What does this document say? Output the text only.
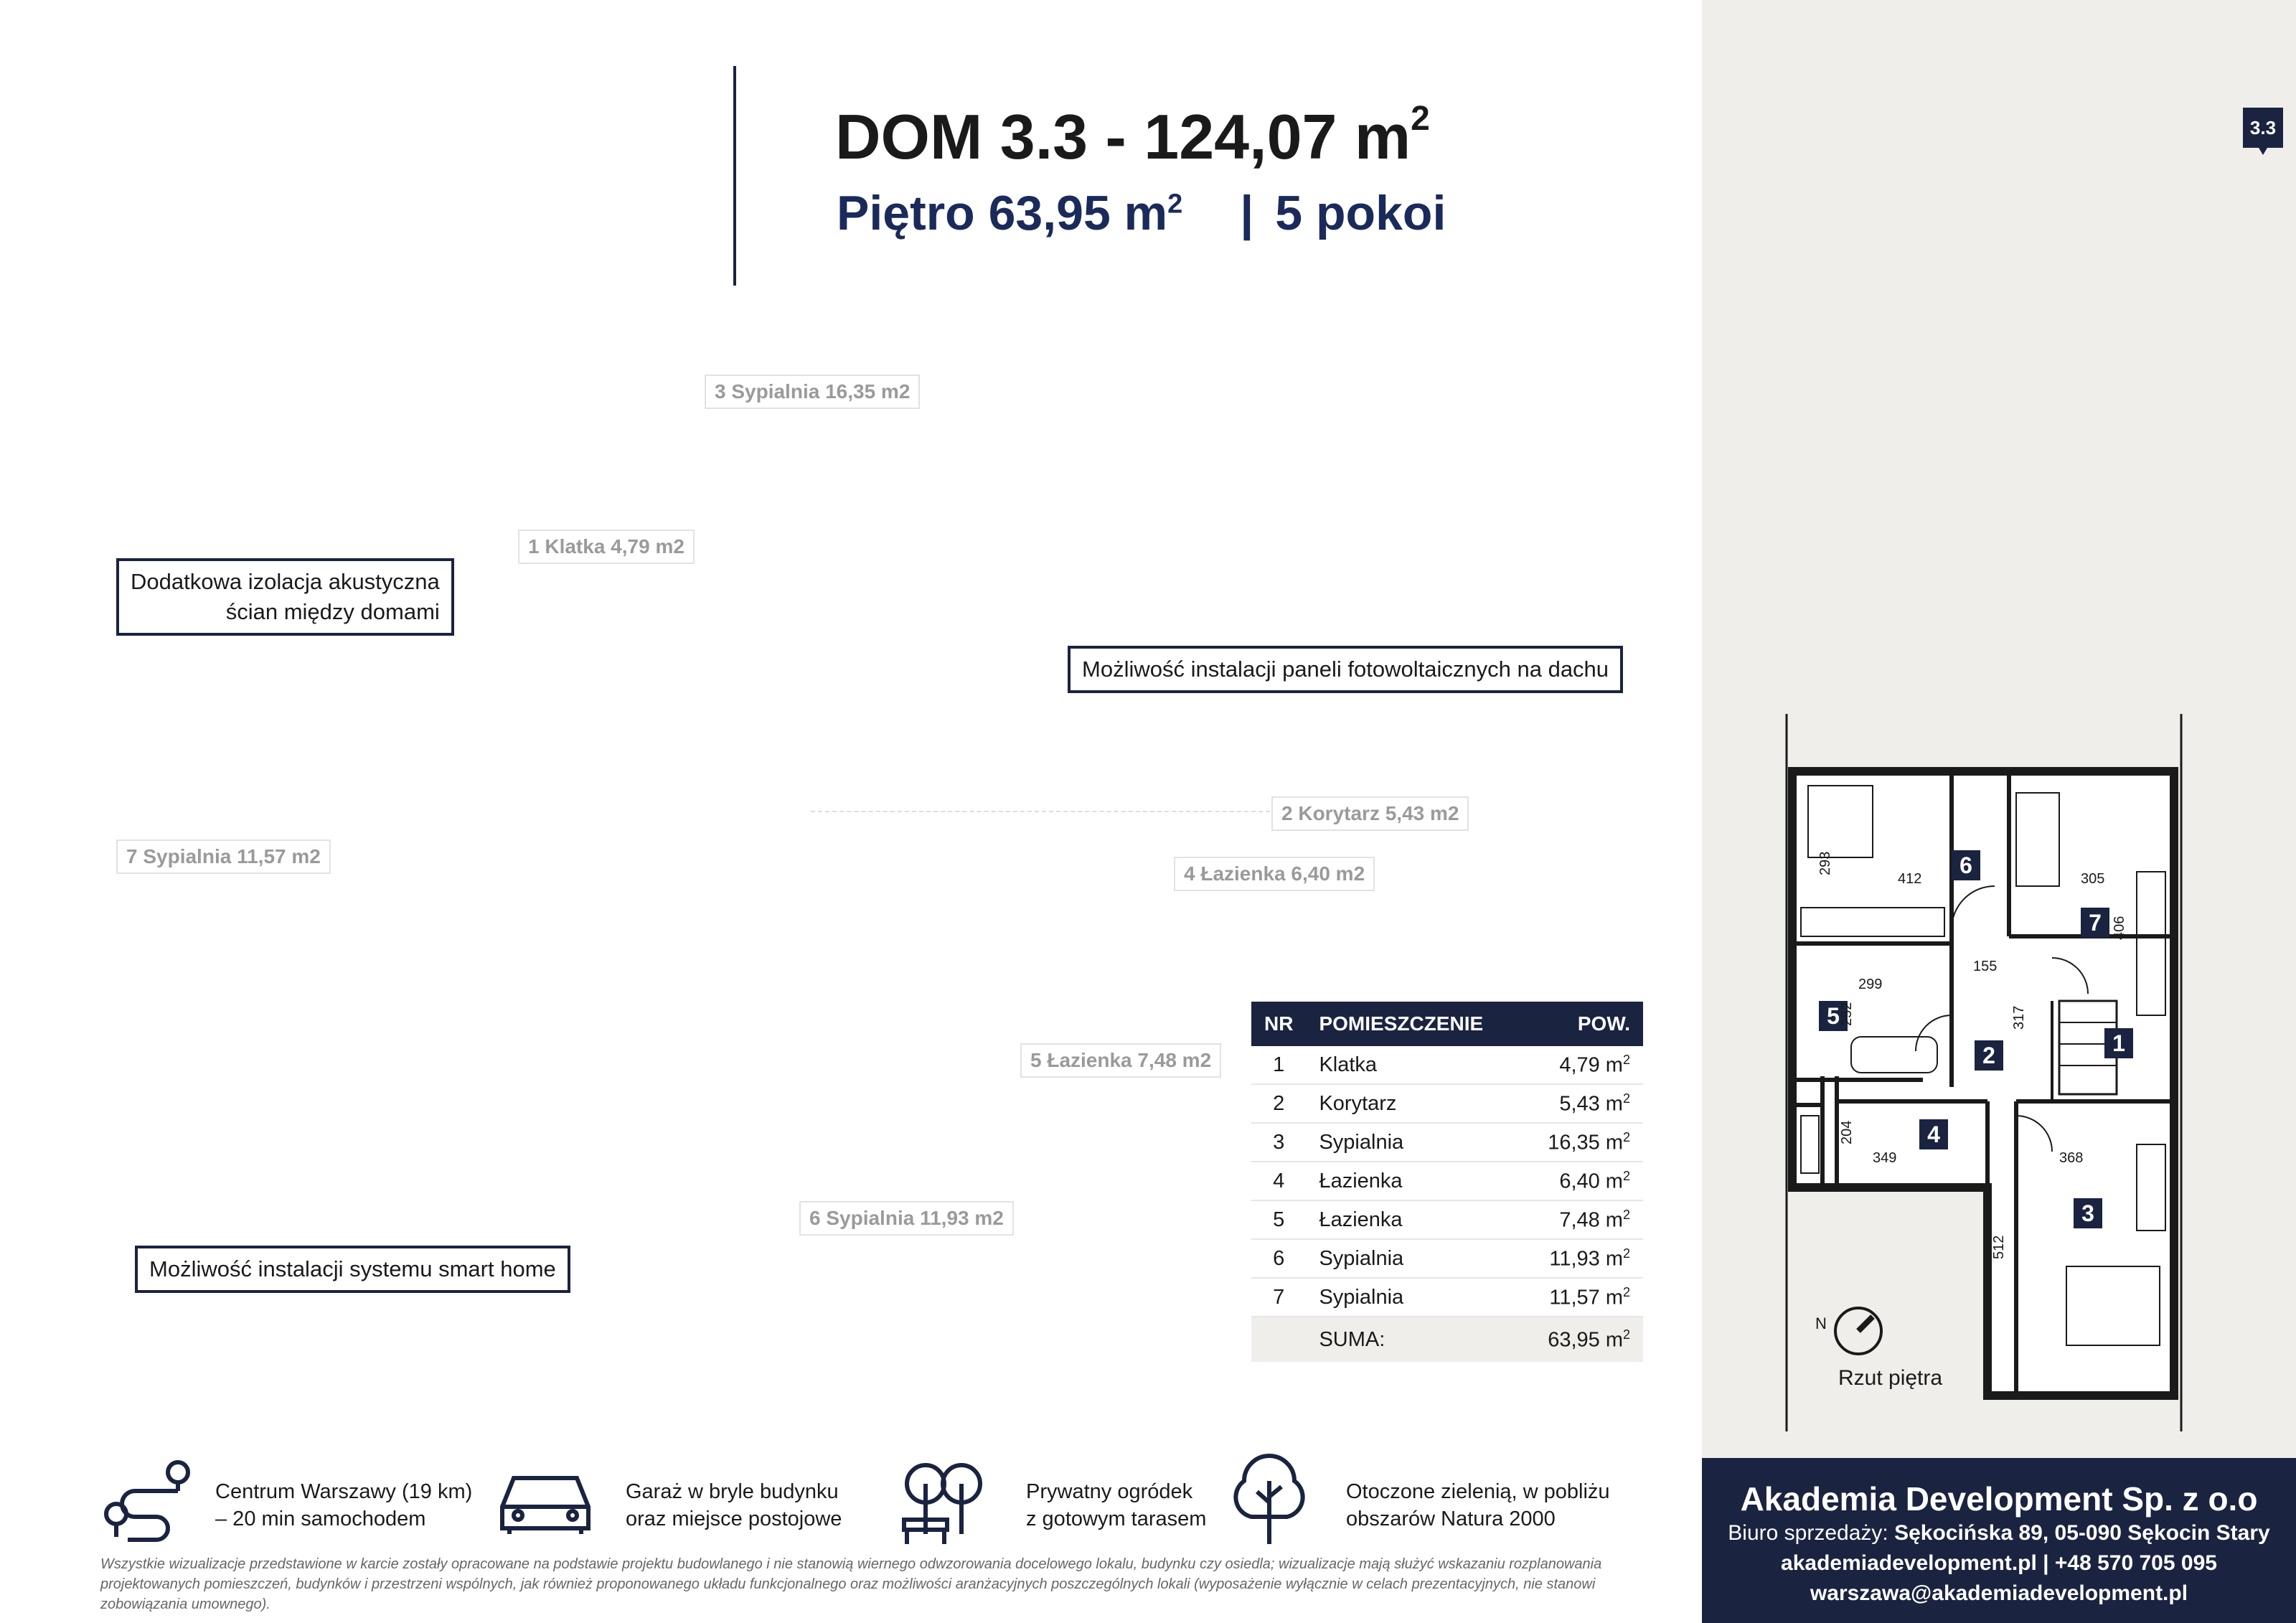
DOM 3.3 - 124,07 $m^2$
Piętro 63,95 $m^2$ | 5 pokoi
3.3
3 Sypialnia 16,35 m2
1 Klatka 4,79 m2
2 Korytarz 5,43 m2
4 Łazienka 6,40 m2
7 Sypialnia 11,57 m2
5 Łazienka 7,48 m2
6 Sypialnia 11,93 m2
Dodatkowa izolacja akustyczna
ścian między domami
Możliwość instalacji paneli fotowoltaicznych na dachu
Możliwość instalacji systemu smart home
NR	POMIESZCZENIE	POW.
1	Klatka	4,79 $m^2$
2	Korytarz	5,43 $m^2$
3	Sypialnia	16,35 $m^2$
4	Łazienka	6,40 $m^2$
5	Łazienka	7,48 $m^2$
6	Sypialnia	11,93 $m^2$
7	Sypialnia	11,57 $m^2$
	SUMA:	63,95 $m^2$
1
2
3
4
5
6
7
412	305
155
299
349	368
293
406
252	317
204
512
N
Rzut piętra
Centrum Warszawy (19 km)
– 20 min samochodem
Garaż w bryle budynku
oraz miejsce postojowe
Prywatny ogródek
z gotowym tarasem
Otoczone zielenią, w pobliżu
obszarów Natura 2000
Wszystkie wizualizacje przedstawione w karcie zostały opracowane na podstawie projektu budowlanego i nie stanowią wiernego odwzorowania docelowego lokalu, budynku czy osiedla; wizualizacje mają służyć wskazaniu rozplanowania projektowanych pomieszczeń, budynków i przestrzeni wspólnych, jak również proponowanego układu funkcjonalnego oraz możliwości aranżacyjnych poszczególnych lokali (wyposażenie wyłącznie w celach prezentacyjnych, nie stanowi zobowiązania umownego).
Akademia Development Sp. z o.o
Biuro sprzedaży: Sękocińska 89, 05-090 Sękocin Stary
akademiadevelopment.pl | +48 570 705 095
warszawa@akademiadevelopment.pl
